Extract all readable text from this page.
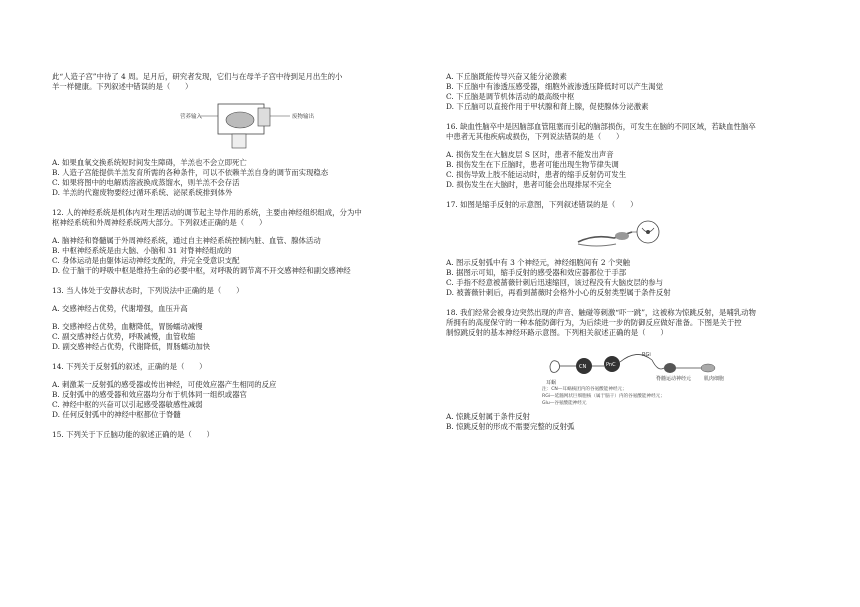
此“人造子宫”中待了 4 周。足月后，研究者发现，它们与在母羊子宫中待到足月出生的小

羊一样健康。下列叙述中错误的是（　　）

营养输入	废物输出

A. 如果血氧交换系统短时间发生障碍，羊羔也不会立即死亡

B. 人造子宫能提供羊羔发育所需的各种条件，可以不依赖羊羔自身的调节而实现稳态

C. 如果将图中的电解质溶液换成蒸馏水，则羊羔不会存活

D. 羊羔的代谢废物要经过循环系统、泌尿系统排到体外

12. 人的神经系统是机体内对生理活动的调节起主导作用的系统，主要由神经组织组成，分为中

枢神经系统和外周神经系统两大部分。下列叙述正确的是（　　）

A. 脑神经和脊髓属于外周神经系统，通过自主神经系统控制内脏、血管、腺体活动

B. 中枢神经系统是由大脑、小脑和 31 对脊神经组成的

C. 身体运动是由躯体运动神经支配的，并完全受意识支配

D. 位于脑干的呼吸中枢是维持生命的必要中枢，对呼吸的调节离不开交感神经和副交感神经

13. 当人体处于安静状态时，下列说法中正确的是（　　）

A. 交感神经占优势，代谢增强，血压升高

B. 交感神经占优势，血糖降低，胃肠蠕动减慢

C. 副交感神经占优势，呼吸减慢，血管收缩

D. 副交感神经占优势，代谢降低，胃肠蠕动加快

14. 下列关于反射弧的叙述，正确的是（　　）

A. 刺激某一反射弧的感受器或传出神经，可使效应器产生相同的反应

B. 反射弧中的感受器和效应器均分布于机体同一组织或器官

C. 神经中枢的兴奋可以引起感受器敏感性减弱

D. 任何反射弧中的神经中枢都位于脊髓

15. 下列关于下丘脑功能的叙述正确的是（　　）

A. 下丘脑既能传导兴奋又能分泌激素

B. 下丘脑中有渗透压感受器，细胞外液渗透压降低时可以产生渴觉

C. 下丘脑是调节机体活动的最高级中枢

D. 下丘脑可以直接作用于甲状腺和肾上腺，促使腺体分泌激素

16. 缺血性脑卒中是因脑部血管阻塞而引起的脑部损伤，可发生在脑的不同区域，若缺血性脑卒

中患者无其他疾病或损伤，下列说法错误的是（　　）

A. 损伤发生在大脑皮层 S 区时，患者不能发出声音

B. 损伤发生在下丘脑时，患者可能出现生物节律失调

C. 损伤导致上肢不能运动时，患者的缩手反射仍可发生

D. 损伤发生在大脑时，患者可能会出现排尿不完全

17. 如图是缩手反射的示意图，下列叙述错误的是（　　）

A. 图示反射弧中有 3 个神经元，神经细胞间有 2 个突触

B. 据图示可知，缩手反射的感受器和效应器都位于手部

C. 手指不经意被蔷薇针刺后迅速缩回，该过程没有大脑皮层的参与

D. 被蔷薇针刺后，再看到蔷薇时会格外小心的反射类型属于条件反射

18. 我们经常会被身边突然出现的声音、触碰等刺激“吓一跳”，这被称为惊跳反射，是哺乳动物

所拥有的高度保守的一种本能防御行为，为后续进一步的防御反应做好准备。下图是关于控

制惊跳反射的基本神经环路示意图。下列相关叙述正确的是（　　）

耳蜗
CN	PnC
RGi
脊髓运动神经元	肌肉细胞
注：CN—耳蜗核团内的谷氨酸能神经元；
RGi—延髓网状巨细胞核（属于脑干）内的谷氨酸能神经元；
Glu—谷氨酸能神经元

A. 惊跳反射属于条件反射

B. 惊跳反射的形成不需要完整的反射弧
